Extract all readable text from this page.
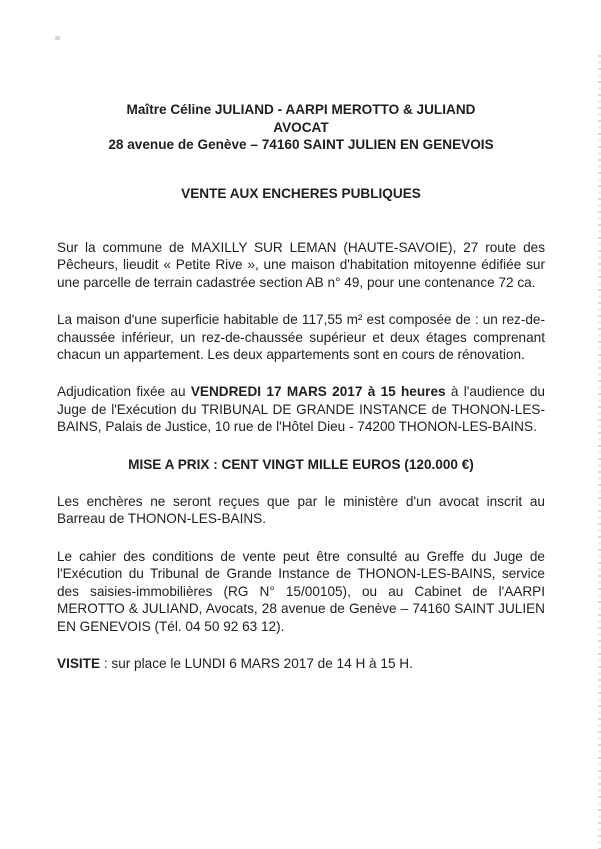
Maître Céline JULIAND - AARPI MEROTTO & JULIAND
AVOCAT
28 avenue de Genève – 74160 SAINT JULIEN EN GENEVOIS
VENTE AUX ENCHERES PUBLIQUES

Sur la commune de MAXILLY SUR LEMAN (HAUTE-SAVOIE), 27 route des Pêcheurs, lieudit « Petite Rive », une maison d'habitation mitoyenne édifiée sur une parcelle de terrain cadastrée section AB n° 49, pour une contenance 72 ca.

La maison d'une superficie habitable de 117,55 m² est composée de : un rez-de-chaussée inférieur, un rez-de-chaussée supérieur et deux étages comprenant chacun un appartement. Les deux appartements sont en cours de rénovation.

Adjudication fixée au VENDREDI 17 MARS 2017 à 15 heures à l'audience du Juge de l'Exécution du TRIBUNAL DE GRANDE INSTANCE de THONON-LES-BAINS, Palais de Justice, 10 rue de l'Hôtel Dieu - 74200 THONON-LES-BAINS.

MISE A PRIX : CENT VINGT MILLE EUROS (120.000 €)

Les enchères ne seront reçues que par le ministère d'un avocat inscrit au Barreau de THONON-LES-BAINS.

Le cahier des conditions de vente peut être consulté au Greffe du Juge de l'Exécution du Tribunal de Grande Instance de THONON-LES-BAINS, service des saisies-immobilières (RG N° 15/00105), ou au Cabinet de l'AARPI MEROTTO & JULIAND, Avocats, 28 avenue de Genève – 74160 SAINT JULIEN EN GENEVOIS (Tél. 04 50 92 63 12).

VISITE : sur place le LUNDI 6 MARS 2017 de 14 H à 15 H.
